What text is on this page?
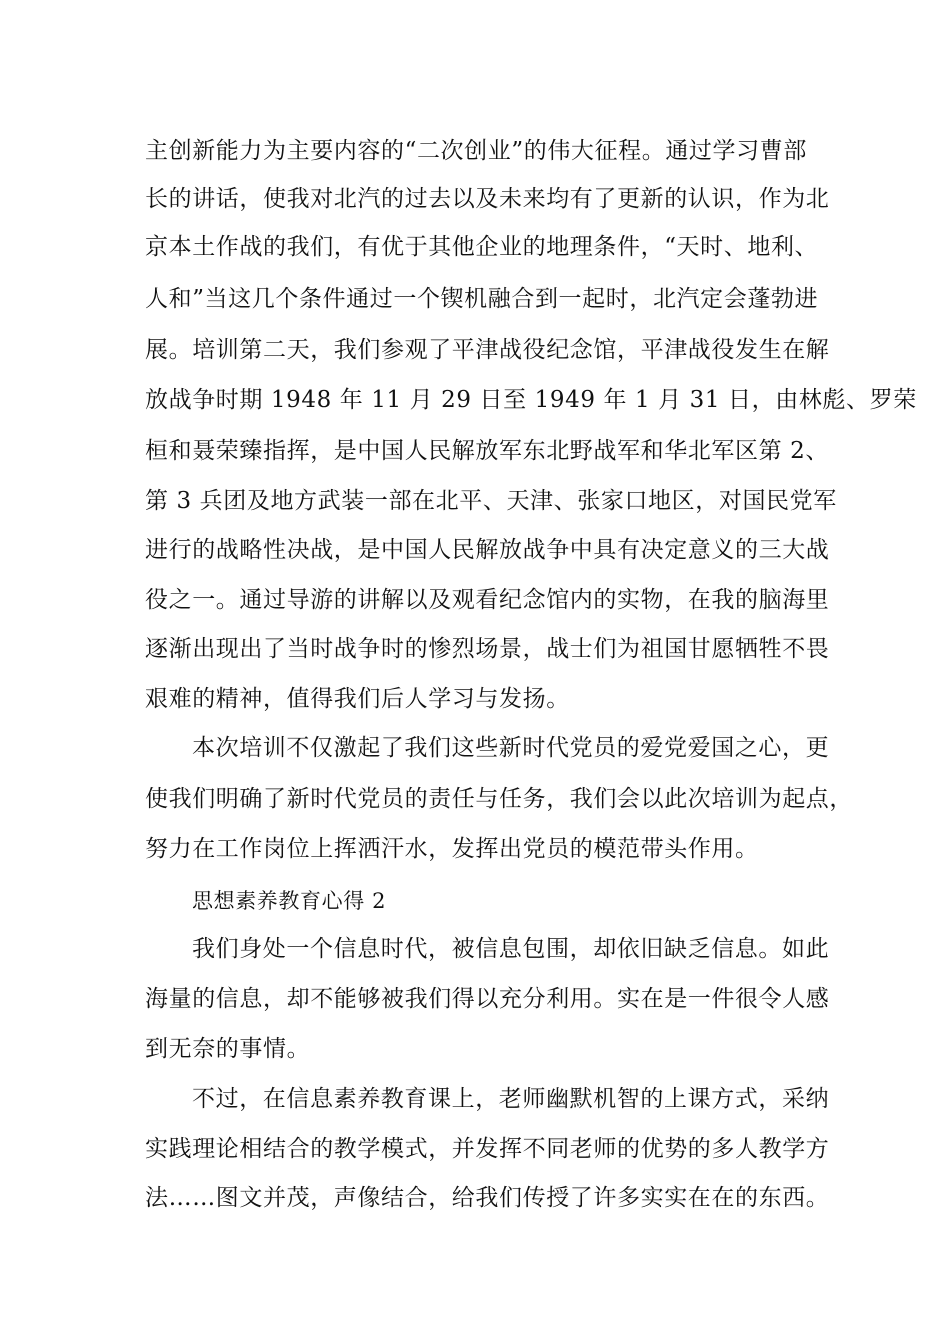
主创新能力为主要内容的“二次创业”的伟大征程。通过学习曹部
长的讲话，使我对北汽的过去以及未来均有了更新的认识，作为北
京本土作战的我们，有优于其他企业的地理条件，“天时、地利、
人和”当这几个条件通过一个锲机融合到一起时，北汽定会蓬勃进
展。培训第二天，我们参观了平津战役纪念馆，平津战役发生在解
放战争时期 1948 年 11 月 29 日至 1949 年 1 月 31 日，由林彪、罗荣
桓和聂荣臻指挥，是中国人民解放军东北野战军和华北军区第 2、
第 3 兵团及地方武装一部在北平、天津、张家口地区，对国民党军
进行的战略性决战，是中国人民解放战争中具有决定意义的三大战
役之一。通过导游的讲解以及观看纪念馆内的实物，在我的脑海里
逐渐出现出了当时战争时的惨烈场景，战士们为祖国甘愿牺牲不畏
艰难的精神，值得我们后人学习与发扬。
本次培训不仅激起了我们这些新时代党员的爱党爱国之心，更
使我们明确了新时代党员的责任与任务，我们会以此次培训为起点，
努力在工作岗位上挥洒汗水，发挥出党员的模范带头作用。
思想素养教育心得 2
我们身处一个信息时代，被信息包围，却依旧缺乏信息。如此
海量的信息，却不能够被我们得以充分利用。实在是一件很令人感
到无奈的事情。
不过，在信息素养教育课上，老师幽默机智的上课方式，采纳
实践理论相结合的教学模式，并发挥不同老师的优势的多人教学方
法……图文并茂，声像结合，给我们传授了许多实实在在的东西。
